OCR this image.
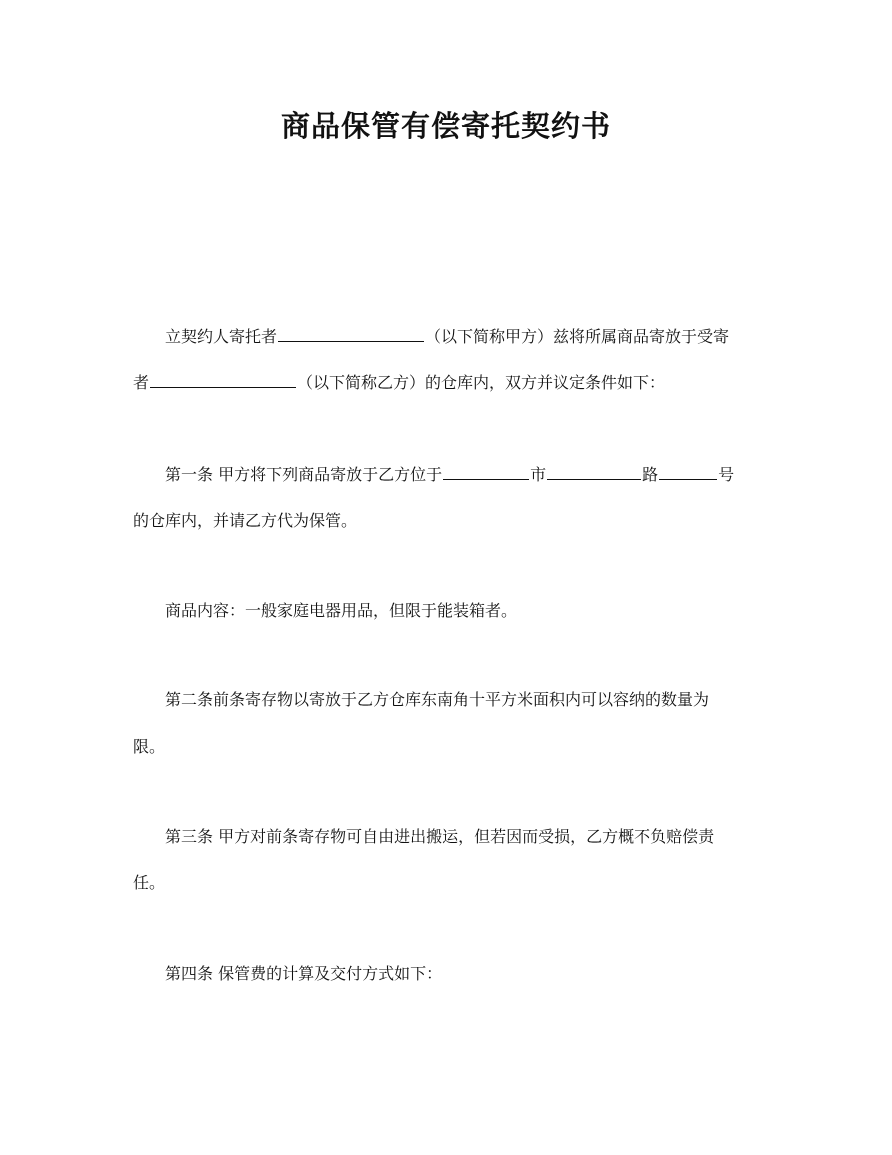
商品保管有偿寄托契约书
立契约人寄托者	（以下简称甲方）兹将所属商品寄放于受寄
者	（以下简称乙方）的仓库内，双方并议定条件如下：
第一条 甲方将下列商品寄放于乙方位于	市	路	号
的仓库内，并请乙方代为保管。
商品内容：一般家庭电器用品，但限于能装箱者。
第二条前条寄存物以寄放于乙方仓库东南角十平方米面积内可以容纳的数量为
限。
第三条 甲方对前条寄存物可自由进出搬运，但若因而受损，乙方概不负赔偿责
任。
第四条 保管费的计算及交付方式如下：
